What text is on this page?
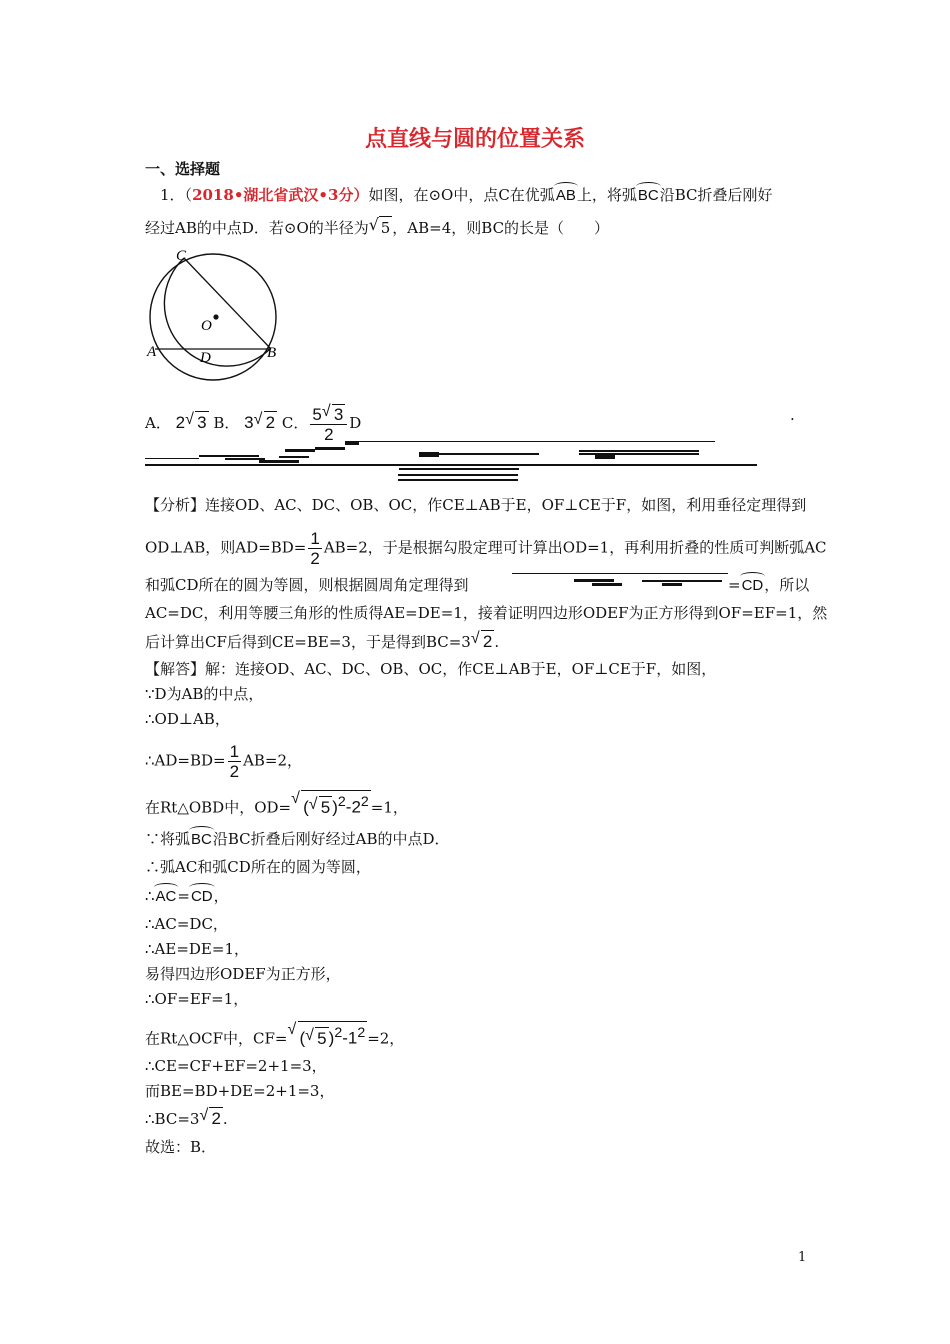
点直线与圆的位置关系
一、选择题
1．（2018•湖北省武汉•3分）如图，在⊙O中，点C在优弧AB上，将弧BC沿BC折叠后刚好
经过AB的中点D．若⊙O的半径为 √ 5 ，AB=4，则BC的长是（　　）
C
O
A	D	B
A． 2 √ 3 B． 3 √ 2 C． $\frac{5 √ 3}{2}$ D	.
【分析】连接OD、AC、DC、OB、OC，作CE⊥AB于E，OF⊥CE于F，如图，利用垂径定理得到
OD⊥AB，则$AD=BD= \frac{1}{2} AB=2$，于是根据勾股定理可计算出OD=1，再利用折叠的性质可判断弧AC
和弧CD所在的圆为等圆，则根据圆周角定理得到	=CD，所以
AC=DC，利用等腰三角形的性质得AE=DE=1，接着证明四边形ODEF为正方形得到OF=EF=1，然
后计算出CF后得到CE=BE=3，于是得到BC=3 √ 2 .
【解答】解：连接OD、AC、DC、OB、OC，作CE⊥AB于E，OF⊥CE于F，如图，
∵D为AB的中点，
∴OD⊥AB，
∴AD=BD= $\frac{1}{2} AB=2$，
在Rt△OBD中，OD= √ ( √ 5 )$^2-2^2 =1$，
∵将弧BC沿BC折叠后刚好经过AB的中点D．
∴弧AC和弧CD所在的圆为等圆，
∴AC=CD，
∴AC=DC，
∴AE=DE=1，
易得四边形ODEF为正方形，
∴OF=EF=1，
在Rt△OCF中，CF= √ ( √ 5 )$^2-1^2 =2$，
∴CE=CF+EF=2+1=3，
而BE=BD+DE=2+1=3，
∴BC=3 √ 2 .
故选：B．
1
